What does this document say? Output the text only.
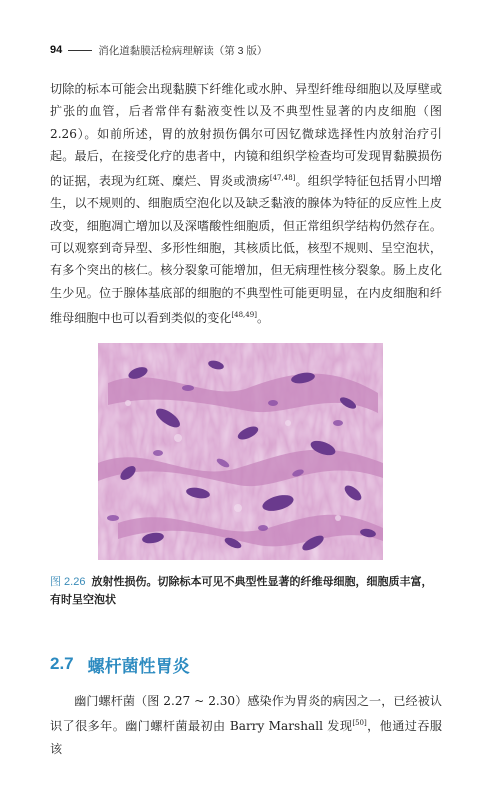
94	消化道黏膜活检病理解读（第 3 版）

切除的标本可能会出现黏膜下纤维化或水肿、异型纤维母细胞以及厚壁或扩张的血管，后者常伴有黏液变性以及不典型性显著的内皮细胞（图2.26）。如前所述，胃的放射损伤偶尔可因钇微球选择性内放射治疗引起。最后，在接受化疗的患者中，内镜和组织学检查均可发现胃黏膜损伤的证据，表现为红斑、糜烂、胃炎或溃疡[47,48]。组织学特征包括胃小凹增生，以不规则的、细胞质空泡化以及缺乏黏液的腺体为特征的反应性上皮改变，细胞凋亡增加以及深嗜酸性细胞质，但正常组织学结构仍然存在。可以观察到奇异型、多形性细胞，其核质比低，核型不规则、呈空泡状，有多个突出的核仁。核分裂象可能增加，但无病理性核分裂象。肠上皮化生少见。位于腺体基底部的细胞的不典型性可能更明显，在内皮细胞和纤维母细胞中也可以看到类似的变化[48,49]。

图 2.26 放射性损伤。切除标本可见不典型性显著的纤维母细胞，细胞质丰富，有时呈空泡状
2.7 螺杆菌性胃炎

幽门螺杆菌（图 2.27 ~ 2.30）感染作为胃炎的病因之一，已经被认识了很多年。幽门螺杆菌最初由 Barry Marshall 发现[50]，他通过吞服该
